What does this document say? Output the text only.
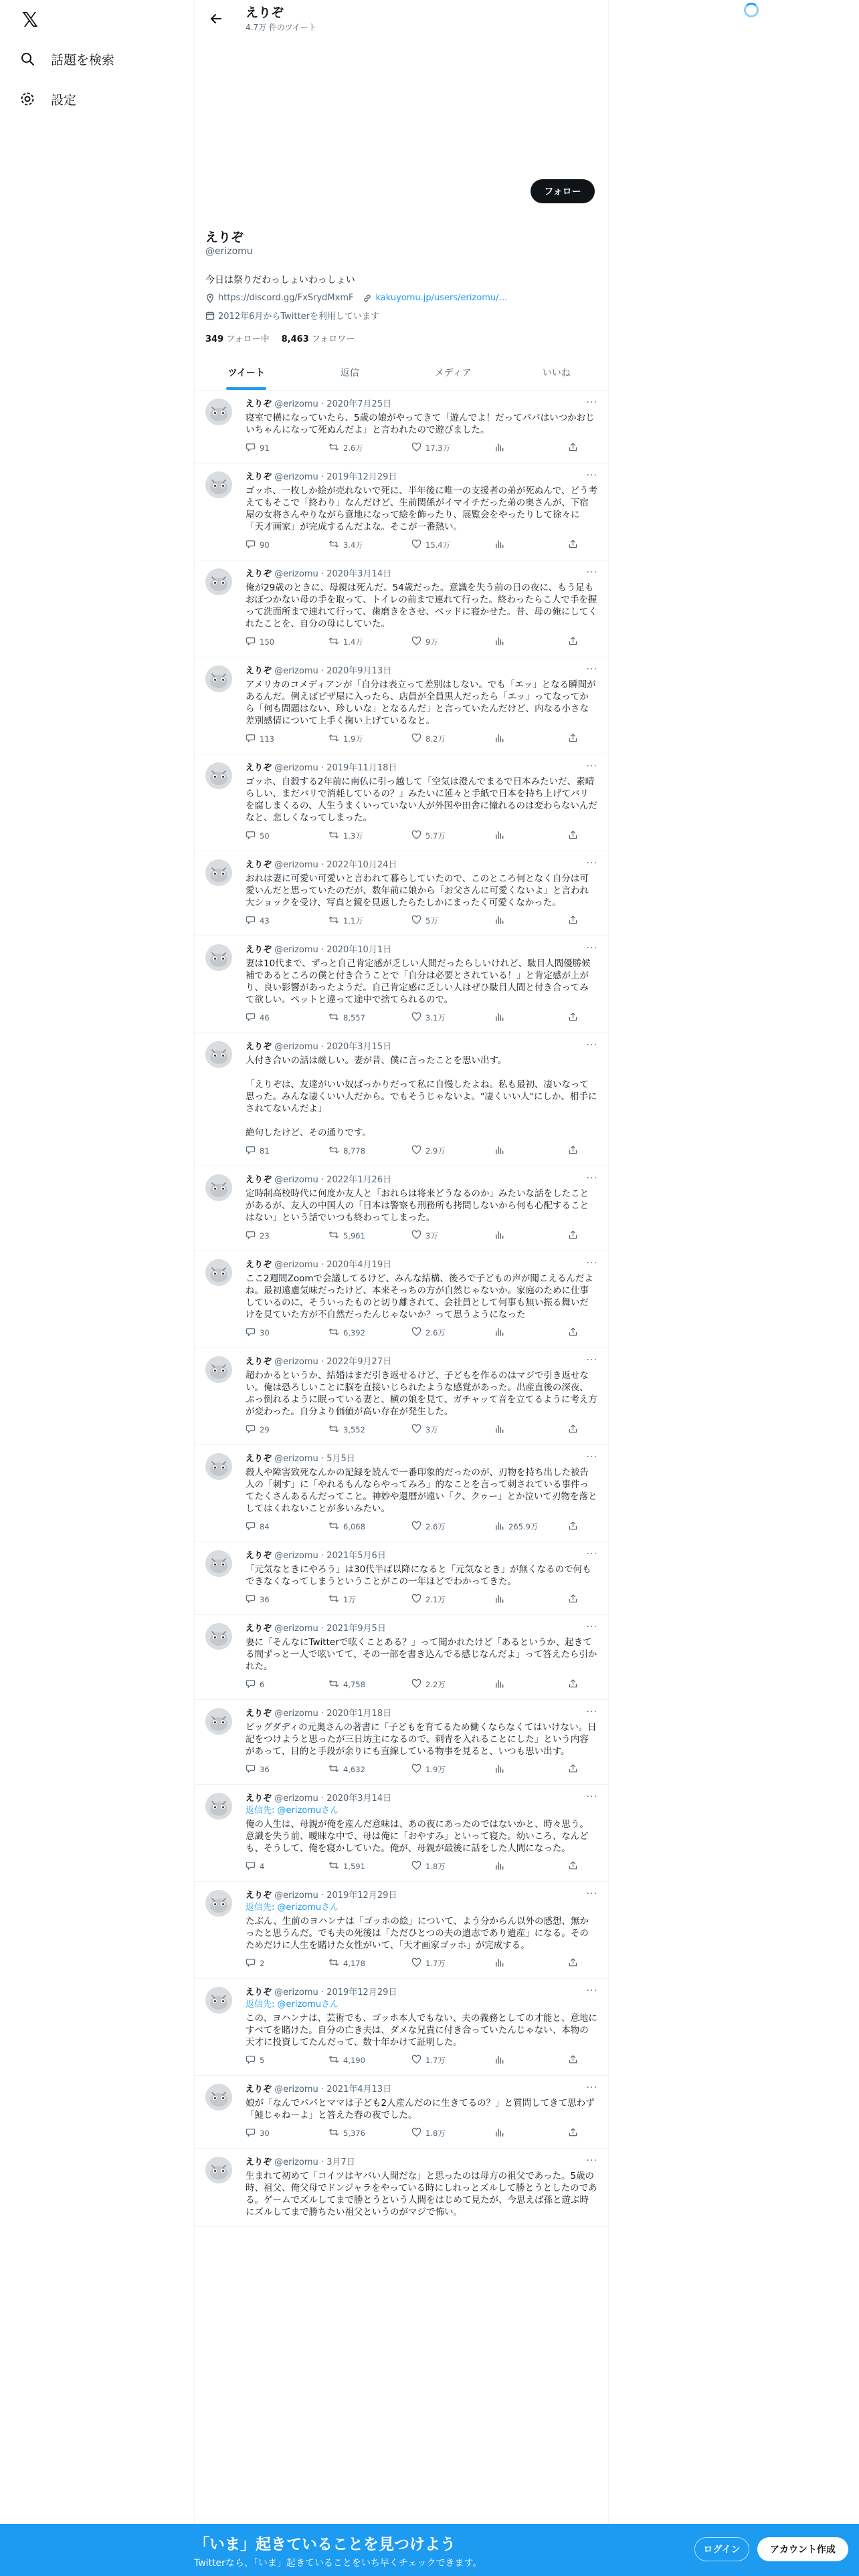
𝕏
話題を検索
設定
えりぞ
4.7万 件のツイート
フォロー
えりぞ
@erizomu
今日は祭りだわっしょいわっしょい
https://discord.gg/FxSrydMxmF	kakuyomu.jp/users/erizomu/…
2012年6月からTwitterを利用しています
349 フォロー中 8,463 フォロワー
ツイート	返信	メディア	いいね
···
えりぞ @erizomu · 2020年7月25日
寝室で横になっていたら、5歳の娘がやってきて「遊んでよ！だってパパはいつかおじいちゃんになって死ぬんだよ」と言われたので遊びました。
91	2.6万	17.3万
···
えりぞ @erizomu · 2019年12月29日
ゴッホ、一枚しか絵が売れないで死に、半年後に唯一の支援者の弟が死ぬんで、どう考えてもそこで「終わり」なんだけど、生前関係がイマイチだった弟の奥さんが、下宿屋の女将さんやりながら意地になって絵を飾ったり、展覧会をやったりして徐々に「天才画家」が完成するんだよな。そこが一番熱い。
90	3.4万	15.4万
···
えりぞ @erizomu · 2020年3月14日
俺が29歳のときに、母親は死んだ。54歳だった。意識を失う前の日の夜に、もう足もおぼつかない母の手を取って、トイレの前まで連れて行った。終わったらこ人で手を握って洗面所まで連れて行って、歯磨きをさせ、ベッドに寝かせた。昔、母の俺にしてくれたことを、自分の母にしていた。
150	1.4万	9万
···
えりぞ @erizomu · 2020年9月13日
アメリカのコメディアンが「自分は表立って差別はしない。でも「エッ」となる瞬間があるんだ。例えばピザ屋に入ったら、店員が全員黒人だったら「エッ」ってなってから「何も問題はない、珍しいな」となるんだ」と言っていたんだけど、内なる小さな差別感情について上手く掬い上げているなと。
113	1.9万	8.2万
···
えりぞ @erizomu · 2019年11月18日
ゴッホ、自殺する2年前に南仏に引っ越して「空気は澄んでまるで日本みたいだ、素晴らしい、まだパリで消耗しているの？」みたいに延々と手紙で日本を持ち上げてパリを腐しまくるの、人生うまくいっていない人が外国や田舎に憧れるのは変わらないんだなと、悲しくなってしまった。
50	1.3万	5.7万
···
えりぞ @erizomu · 2022年10月24日
おれは妻に可愛い可愛いと言われて暮らしていたので、このところ何となく自分は可愛いんだと思っていたのだが、数年前に娘から「お父さんに可愛くないよ」と言われ大ショックを受け、写真と鏡を見返したらたしかにまったく可愛くなかった。
43	1.1万	5万
···
えりぞ @erizomu · 2020年10月1日
妻は10代まで、ずっと自己肯定感が乏しい人間だったらしいけれど、駄目人間優勝候補であるところの僕と付き合うことで「自分は必要とされている！」と肯定感が上がり、良い影響があったようだ。自己肯定感に乏しい人はぜひ駄目人間と付き合ってみて欲しい。ペットと違って途中で捨てられるので。
46	8,557	3.1万
···
えりぞ @erizomu · 2020年3月15日
人付き合いの話は厳しい。妻が昔、僕に言ったことを思い出す。

「えりぞは、友達がいい奴ばっかりだって私に自慢したよね。私も最初、凄いなって思った。みんな凄くいい人だから。でもそうじゃないよ。"凄くいい人"にしか、相手にされてないんだよ」

絶句したけど、その通りです。
81	8,778	2.9万
···
えりぞ @erizomu · 2022年1月26日
定時制高校時代に何度か友人と「おれらは将来どうなるのか」みたいな話をしたことがあるが、友人の中国人の「日本は警察も刑務所も拷問しないから何も心配することはない」という話でいつも終わってしまった。
23	5,961	3万
···
えりぞ @erizomu · 2020年4月19日
ここ2週間Zoomで会議してるけど、みんな結構、後ろで子どもの声が聞こえるんだよね。最初遠慮気味だったけど、本来そっちの方が自然じゃないか。家庭のために仕事しているのに、そういったものと切り離されて、会社員として何事も無い振る舞いだけを見ていた方が不自然だったんじゃないか？って思うようになった
30	6,392	2.6万
···
えりぞ @erizomu · 2022年9月27日
超わかるというか、結婚はまだ引き返せるけど、子どもを作るのはマジで引き返せない。俺は恐ろしいことに脳を直接いじられたような感覚があった。出産直後の深夜、ぷっ倒れるように眠っている妻と、横の娘を見て、ガチャッて音を立てるように考え方が変わった。自分より価値が高い存在が発生した。
29	3,552	3万
···
えりぞ @erizomu · 5月5日
殺人や障害致死なんかの記録を読んで一番印象的だったのが、刃物を持ち出した被告人の「刺す」に「やれるもんならやってみろ」的なことを言って刺されている事件ってたくさんあるんだってこと。神妙や還暦が遠い「ク、クゥー」とか泣いて刃物を落としてはくれないことが多いみたい。
84	6,068	2.6万	265.9万
···
えりぞ @erizomu · 2021年5月6日
「元気なときにやろう」は30代半ば以降になると「元気なとき」が無くなるので何もできなくなってしまうということがこの一年ほどでわかってきた。
36	1万	2.1万
···
えりぞ @erizomu · 2021年9月5日
妻に「そんなにTwitterで呟くことある？」って聞かれたけど「あるというか、起きてる間ずっと一人で呟いてて、その一部を書き込んでる感じなんだよ」って答えたら引かれた。
6	4,758	2.2万
···
えりぞ @erizomu · 2020年1月18日
ビッグダディの元奥さんの著書に「子どもを育てるため働くならなくてはいけない。日記をつけようと思ったが三日坊主になるので、刺青を入れることにした」という内容があって、目的と手段が余りにも直線している物事を見ると、いつも思い出す。
36	4,632	1.9万
···
えりぞ @erizomu · 2020年3月14日
返信先: @erizomuさん
俺の人生は、母親が俺を産んだ意味は、あの夜にあったのではないかと、時々思う。意識を失う前、曖昧な中で、母は俺に「おやすみ」といって寝た。幼いころ、なんども、そうして、俺を寝かしていた。俺が、母親が最後に話をした人間になった。
4	1,591	1.8万
···
えりぞ @erizomu · 2019年12月29日
返信先: @erizomuさん
たぶん、生前のヨハンナは「ゴッホの絵」について、よう分からん以外の感想、無かったと思うんだ。でも夫の死後は「ただひとつの夫の遺志であり遺産」になる。そのためだけに人生を賭けた女性がいて、「天才画家ゴッホ」が完成する。
2	4,178	1.7万
···
えりぞ @erizomu · 2019年12月29日
返信先: @erizomuさん
この、ヨハンナは、芸術でも、ゴッホ本人でもない、夫の義務としての才能と、意地にすべてを賭けた。自分の亡き夫は、ダメな兄貴に付き合っていたんじゃない、本物の天才に投資してたんだって、数十年かけて証明した。
5	4,190	1.7万
···
えりぞ @erizomu · 2021年4月13日
娘が「なんでパパとママは子ども2人産んだのに生きてるの？」と質問してきて思わず「鮭じゃねーよ」と答えた春の夜でした。
30	5,376	1.8万
···
えりぞ @erizomu · 3月7日
生まれて初めて「コイツはヤバい人間だな」と思ったのは母方の祖父であった。5歳の時、祖父、俺父母でドンジャラをやっている時にしれっとズルして勝とうとしたのである。ゲームでズルしてまで勝とうという人間をはじめて見たが、今思えば孫と遊ぶ時にズルしてまで勝ちたい祖父というのがマジで怖い。
「いま」起きていることを見つけよう
Twitterなら、「いま」起きていることをいち早くチェックできます。
ログイン	アカウント作成
